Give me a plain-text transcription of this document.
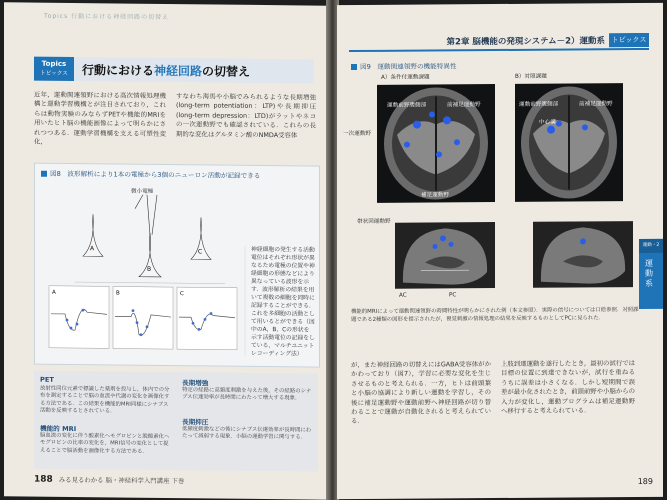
Topics 行動における神経回路の切替え
Topics
トピックス	行動における神経回路の切替え
近年，運動関連領野における高次情報処理機構と運動学習機構とが注目されており，これらは動物実験のみならずPETや機能的MRIを用いたヒト脳の機能画像によって明らかにされつつある．運動学習機構を支える可塑性変化，
すなわち海馬や小脳でみられるような長期増強(long-term potentiation：LTP)や長期抑圧(long-term depression：LTD)がラットやネコの一次運動野でも確認されている．これらの長期的な変化はグルタミン酸のNMDA受容体
図8　波形解析により1本の電極から3個のニューロン活動が記録できる
微小電極
A
B
C
A	B	C
神経細胞の発生する活動電位はそれぞれ形状が異なるため電極の位置や神経細胞の形態などにより異なっている波形を示す．波形解析の結果を用いて複数の細胞を同時に記録することができる．これを多細胞の活動として用いるとができる（図中のA，B，Cの形状を示す活動電位の記録をしている，マルチユニットレコーディング法）
PET
放射性同位元素で標識した薬剤を投与し，体内での分布を測定することで脳の血流や代謝の変化を画像化する方法である．この結果を機能的MRI同様にシナプス活動を反映するとされている．
機能的 MRI
脳血流の変化に伴う酸素化ヘモグロビンと脱酸素化ヘモグロビンの比率の変化を，MRI信号の変化として捉えることで脳活動を画像化する方法である．
長期増強
特定の経路に高頻度刺激を与えた後，その経路のシナプス伝達効率が長時間にわたって増大する現象．
長期抑圧
低頻度刺激などの後にシナプス伝達効率が長時間にわたって減弱する現象．小脳の運動学習に関与する．
188 みる見るわかる 脳・神経科学入門講座 下巻
第2章 脳機能の発現システム－2）運動系 トピックス
図9　運動関連領野の機能特異性
A）条件付運動課題	B）対照課題
運動前野腹側部	前補足運動野
一次運動野
補足運動野
運動前野腹側部	前補足運動野
中心溝
帯状回運動野
AC	PC
機能的MRIによって運動関連領野の時間特性が明らかにされた例（本文参照）．実際の信号については口絵参照．対照課題である2種類の図形を提示されたが，視覚刺激の情報処理の結果を反映するものとしてPCに見られた．
が，また神経回路の切替えにはGABA受容体がかかわっており（図7），学習に必要な変化を生じさせるものと考えられる．一方，ヒトは前頭葉と小脳の協調により新しい運動を学習し，その後に補足運動野や運動前野へ神経回路が切り替わることで運動が自動化されると考えられている．
上肢到達運動を遂行したとき，最初の試行では目標の位置に到達できないが，試行を重ねるうちに誤差は小さくなる．しかし短期間で誤差が最小化されたとき，前頭前野や小脳からの入力が変化し，運動プログラムは補足運動野へ移行すると考えられている．
運動・2
運動系
189
